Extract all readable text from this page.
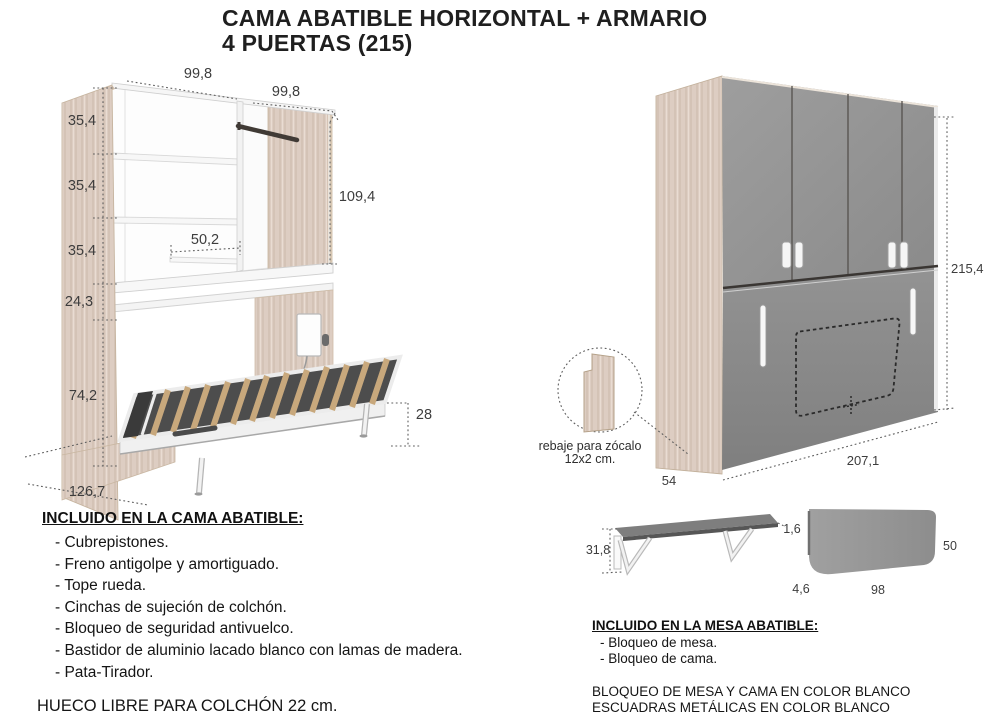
CAMA ABATIBLE HORIZONTAL + ARMARIO
4 PUERTAS (215)
99,8
99,8
35,4
35,4
35,4
24,3
74,2
50,2
109,4
28
126,7
215,4
207,1
54
rebaje para zócalo
12x2 cm.
31,8
1,6
50
98
4,6
INCLUIDO EN LA CAMA ABATIBLE:
- Cubrepistones.
- Freno antigolpe y amortiguado.
- Tope rueda.
- Cinchas de sujeción de colchón.
- Bloqueo de seguridad antivuelco.
- Bastidor de aluminio lacado blanco con lamas de madera.
- Pata-Tirador.
HUECO LIBRE PARA COLCHÓN 22 cm.
INCLUIDO EN LA MESA ABATIBLE:
- Bloqueo de mesa.
- Bloqueo de cama.
BLOQUEO DE MESA Y CAMA EN COLOR BLANCO
ESCUADRAS METÁLICAS EN COLOR BLANCO
